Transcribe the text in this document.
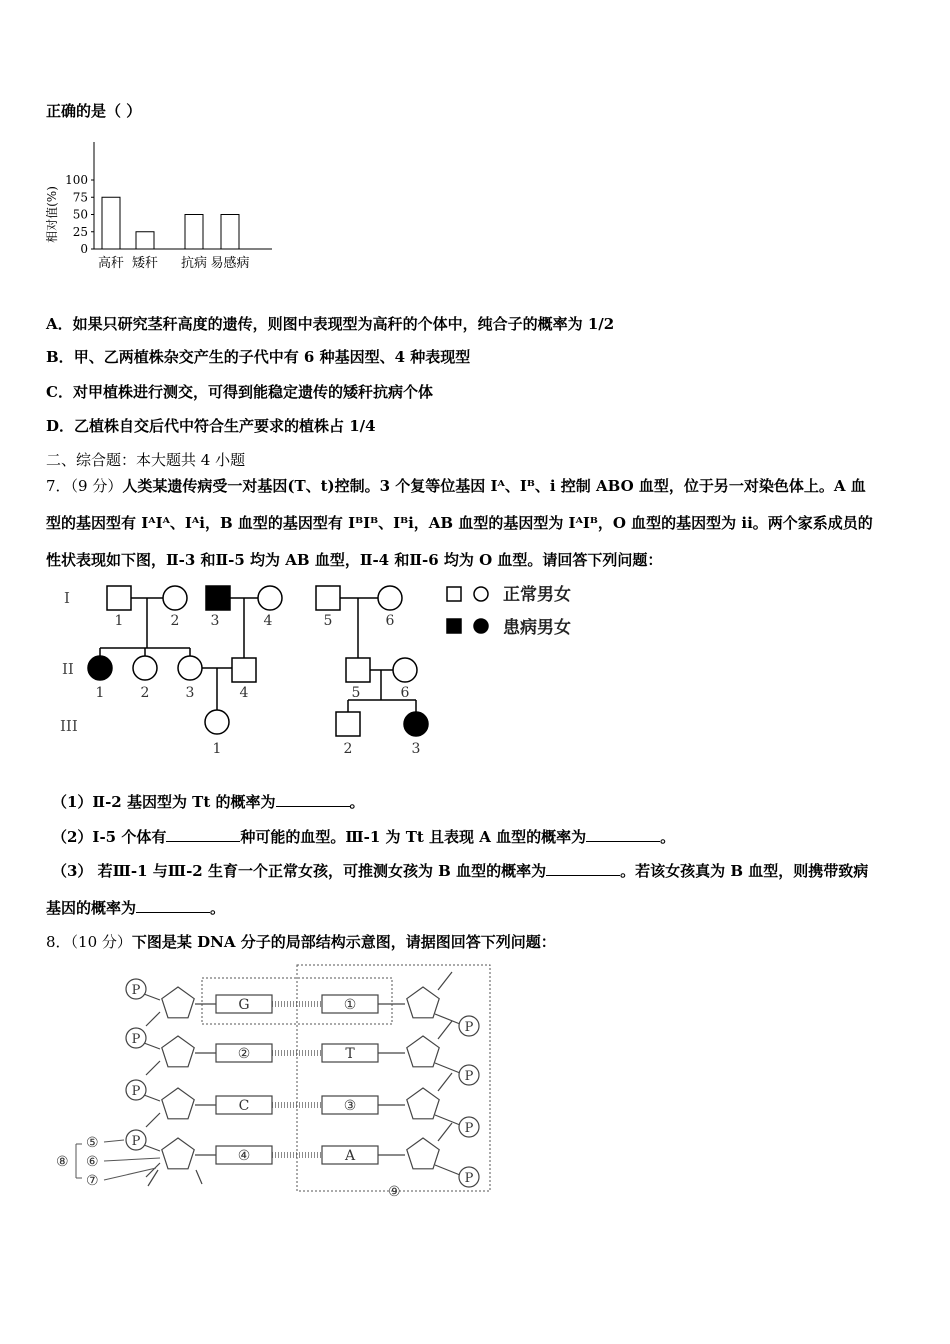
正确的是（ ）
100
75
50
25
0
相对值(%)
高秆 矮秆 抗病 易感病
A．如果只研究茎秆高度的遗传，则图中表现型为高秆的个体中，纯合子的概率为 1/2
B．甲、乙两植株杂交产生的子代中有 6 种基因型、4 种表现型
C．对甲植株进行测交，可得到能稳定遗传的矮秆抗病个体
D．乙植株自交后代中符合生产要求的植株占 1/4
二、综合题：本大题共 4 小题
7．（9 分）人类某遗传病受一对基因(T、t)控制。3 个复等位基因 Iᴬ、Iᴮ、i 控制 ABO 血型，位于另一对染色体上。A 血
型的基因型有 IᴬIᴬ、Iᴬi，B 血型的基因型有 IᴮIᴮ、Iᴮi，AB 血型的基因型为 IᴬIᴮ，O 血型的基因型为 ii。两个家系成员的
性状表现如下图，Ⅱ-3 和Ⅱ-5 均为 AB 血型，Ⅱ-4 和Ⅱ-6 均为 O 血型。请回答下列问题：
I
II
III
1	2 3	4	5	6
1	2	3	4	5	6
1	2	3
正常男女
患病男女
（1）Ⅱ-2 基因型为 Tt 的概率为	。
（2）Ⅰ-5 个体有	种可能的血型。Ⅲ-1 为 Tt 且表现 A 血型的概率为	。
（3） 若Ⅲ-1 与Ⅲ-2 生育一个正常女孩，可推测女孩为 B 血型的概率为	。若该女孩真为 B 血型，则携带致病
基因的概率为	。
8．（10 分）下图是某 DNA 分子的局部结构示意图，请据图回答下列问题：
P
G	①
P
P
②	T
P
P
C	③
P
P
④	A
P
⑤
⑥
⑦
⑧
⑨
